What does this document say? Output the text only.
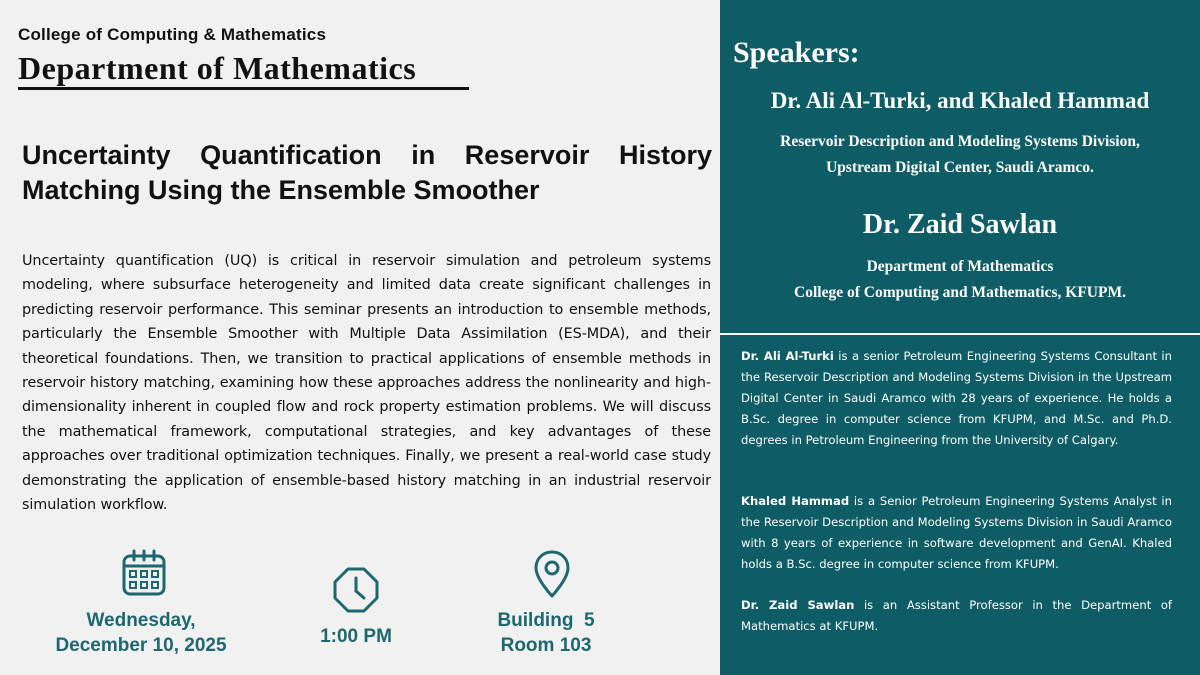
College of Computing & Mathematics
Department of Mathematics
Uncertainty Quantification in Reservoir History Matching Using the Ensemble Smoother
Uncertainty quantification (UQ) is critical in reservoir simulation and petroleum systems modeling, where subsurface heterogeneity and limited data create significant challenges in predicting reservoir performance. This seminar presents an introduction to ensemble methods, particularly the Ensemble Smoother with Multiple Data Assimilation (ES-MDA), and their theoretical foundations. Then, we transition to practical applications of ensemble methods in reservoir history matching, examining how these approaches address the nonlinearity and high-dimensionality inherent in coupled flow and rock property estimation problems. We will discuss the mathematical framework, computational strategies, and key advantages of these approaches over traditional optimization techniques. Finally, we present a real-world case study demonstrating the application of ensemble-based history matching in an industrial reservoir simulation workflow.
Wednesday,
December 10, 2025	1:00 PM
Building  5
Room 103
Speakers:
Dr. Ali Al-Turki, and Khaled Hammad
Reservoir Description and Modeling Systems Division,
Upstream Digital Center, Saudi Aramco.
Dr. Zaid Sawlan
Department of Mathematics
College of Computing and Mathematics, KFUPM.
Dr. Ali Al-Turki is a senior Petroleum Engineering Systems Consultant in the Reservoir Description and Modeling Systems Division in the Upstream Digital Center in Saudi Aramco with 28 years of experience. He holds a B.Sc. degree in computer science from KFUPM, and M.Sc. and Ph.D. degrees in Petroleum Engineering from the University of Calgary.
Khaled Hammad is a Senior Petroleum Engineering Systems Analyst in the Reservoir Description and Modeling Systems Division in Saudi Aramco with 8 years of experience in software development and GenAI. Khaled holds a B.Sc. degree in computer science from KFUPM.
Dr. Zaid Sawlan is an Assistant Professor in the Department of Mathematics at KFUPM.
